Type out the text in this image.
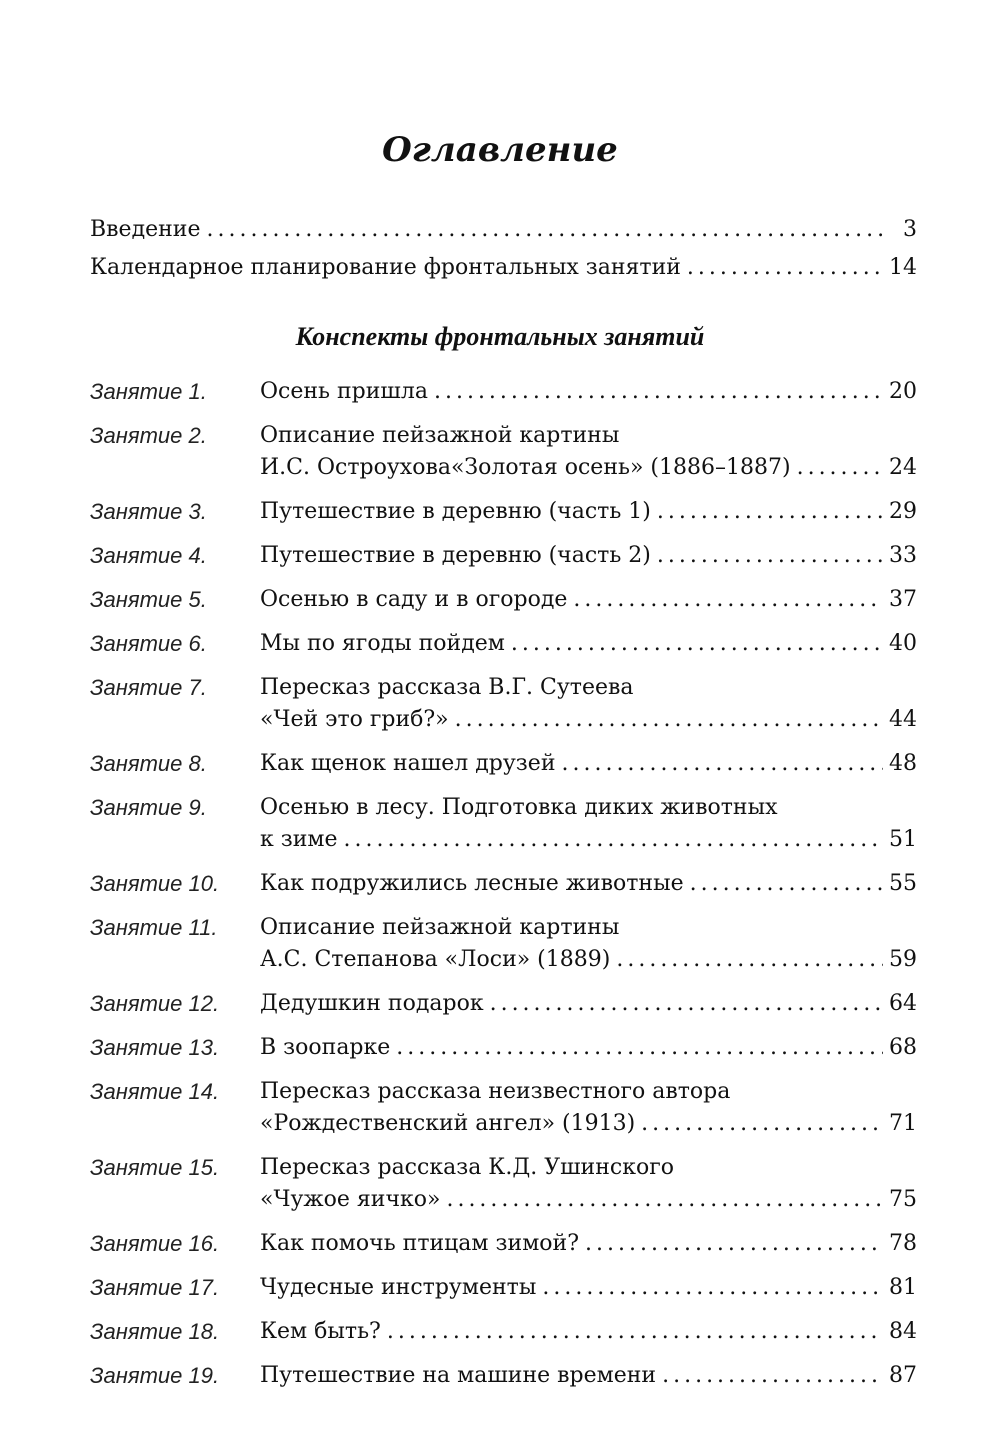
Оглавление
Введение .....	3
Календарное планирование фронтальных занятий .....	14
Конспекты фронтальных занятий
Занятие 1.	Осень пришла .....	20
Занятие 2.	Описание пейзажной картины
И.С. Остроухова«Золотая осень» (1886–1887) .....	24
Занятие 3.	Путешествие в деревню (часть 1) .....	29
Занятие 4.	Путешествие в деревню (часть 2) .....	33
Занятие 5.	Осенью в саду и в огороде .....	37
Занятие 6.	Мы по ягоды пойдем .....	40
Занятие 7.	Пересказ рассказа В.Г. Сутеева
«Чей это гриб?» .....	44
Занятие 8.	Как щенок нашел друзей .....	48
Занятие 9.	Осенью в лесу. Подготовка диких животных
к зиме .....	51
Занятие 10.	Как подружились лесные животные .....	55
Занятие 11.	Описание пейзажной картины
А.С. Степанова «Лоси» (1889) .....	59
Занятие 12.	Дедушкин подарок .....	64
Занятие 13.	В зоопарке .....	68
Занятие 14.	Пересказ рассказа неизвестного автора
«Рождественский ангел» (1913) .....	71
Занятие 15.	Пересказ рассказа К.Д. Ушинского
«Чужое яичко» .....	75
Занятие 16.	Как помочь птицам зимой? .....	78
Занятие 17.	Чудесные инструменты .....	81
Занятие 18.	Кем быть? .....	84
Занятие 19.	Путешествие на машине времени .....	87
